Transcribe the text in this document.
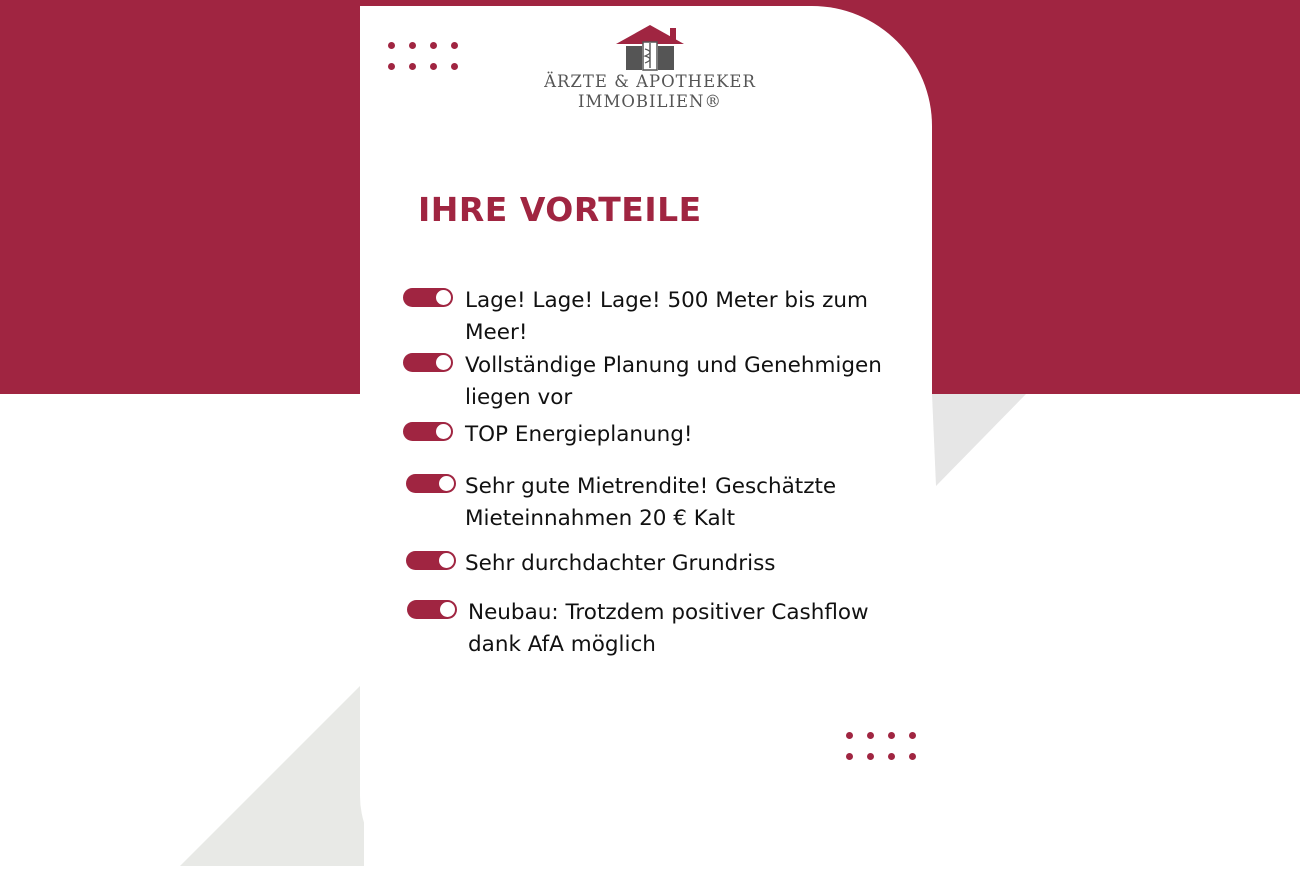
ÄRZTE & APOTHEKER
IMMOBILIEN®
IHRE VORTEILE
Lage! Lage! Lage! 500 Meter bis zum Meer!
Vollständige Planung und Genehmigen liegen vor
TOP Energieplanung!
Sehr gute Mietrendite! Geschätzte Mieteinnahmen 20 € Kalt
Sehr durchdachter Grundriss
Neubau: Trotzdem positiver Cashflow dank AfA möglich
